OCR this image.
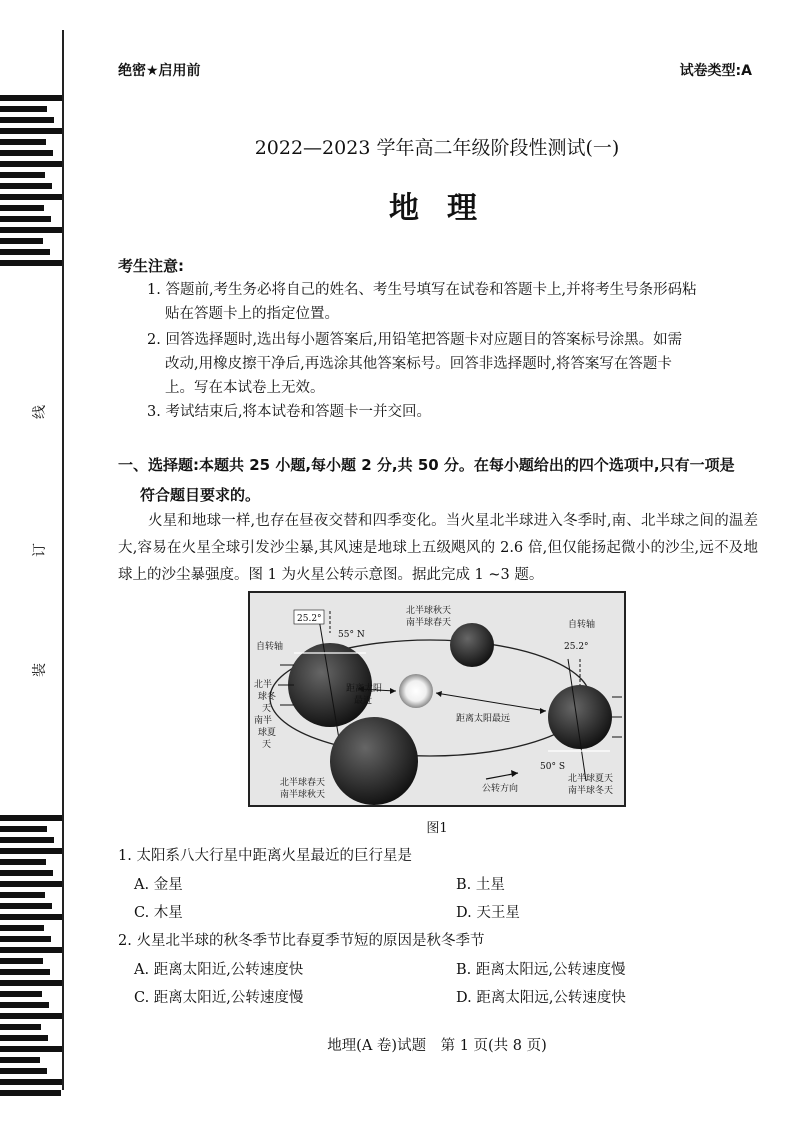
线
订
装
绝密★启用前	试卷类型:A
2022—2023 学年高二年级阶段性测试(一)
地理
考生注意:
1. 答题前,考生务必将自己的姓名、考生号填写在试卷和答题卡上,并将考生号条形码粘
贴在答题卡上的指定位置。
2. 回答选择题时,选出每小题答案后,用铅笔把答题卡对应题目的答案标号涂黑。如需
改动,用橡皮擦干净后,再选涂其他答案标号。回答非选择题时,将答案写在答题卡
上。写在本试卷上无效。
3. 考试结束后,将本试卷和答题卡一并交回。
一、选择题:本题共 25 小题,每小题 2 分,共 50 分。在每小题给出的四个选项中,只有一项是
符合题目要求的。
火星和地球一样,也存在昼夜交替和四季变化。当火星北半球进入冬季时,南、北半球之间的温差大,容易在火星全球引发沙尘暴,其风速是地球上五级飓风的 2.6 倍,但仅能扬起微小的沙尘,远不及地球上的沙尘暴强度。图 1 为火星公转示意图。据此完成 1 ~3 题。
25.2°
55° N
自转轴
北半
球冬
天
南半
球夏
天
北半球秋天
南半球春天	自转轴
25.2°
距离太阳
最近
距离太阳最远
北半球春天
南半球秋天
公转方向
50° S
北半球夏天
南半球冬天
图1
1. 太阳系八大行星中距离火星最近的巨行星是
A. 金星	B. 土星
C. 木星	D. 天王星
2. 火星北半球的秋冬季节比春夏季节短的原因是秋冬季节
A. 距离太阳近,公转速度快	B. 距离太阳远,公转速度慢
C. 距离太阳近,公转速度慢	D. 距离太阳远,公转速度快
地理(A 卷)试题　第 1 页(共 8 页)
